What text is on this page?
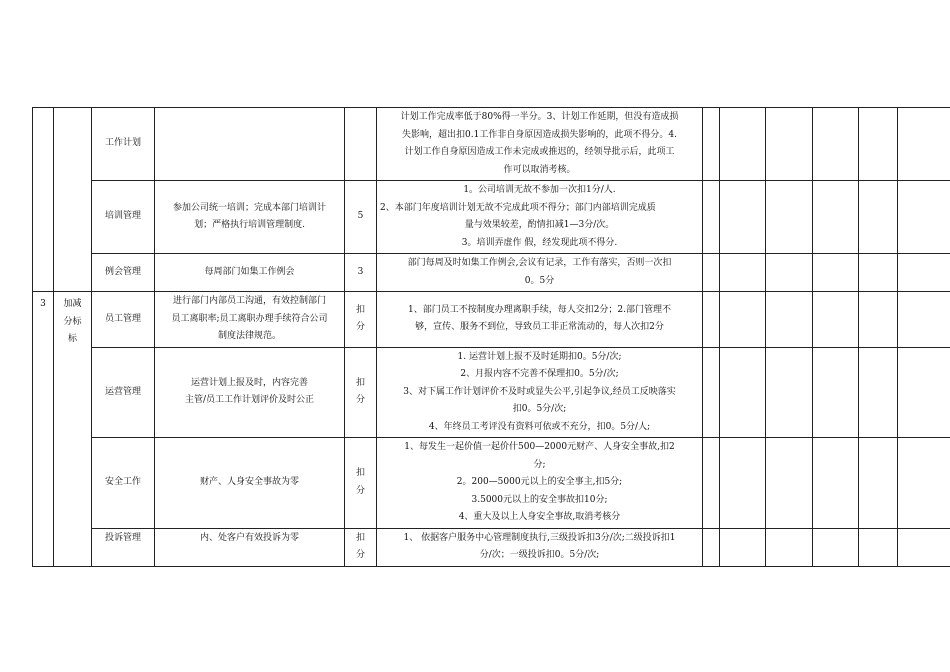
		工作计划			计划工作完成率低于80%得一半分。3、计划工作延期，但没有造成损
失影响，超出扣0.1工作非自身原因造成损失影响的，此项不得分。4.
计划工作自身原因造成工作未完成或推迟的，经领导批示后，此项工
作可以取消考核。						

		培训管理	参加公司统一培训；完成本部门培训计
划；严格执行培训管理制度.	5	1。公司培训无故不参加一次扣1分/人.
2、本部门年度培训计划无故不完成此项不得分；部门内部培训完成质
量与效果较差，酌情扣减1—3分/次。
3。培训弄虚作 假，经发现此项不得分.						

		例会管理	每周部门如集工作例会	3	部门每周及时如集工作例会,会议有记录，工作有落实，否则一次扣
0。5分						

3	加减
分标
标	员工管理	进行部门内部员工沟通，有效控制部门
员工离职率;员工离职办理手续符合公司
制度法律规范。	扣
分	1、部门员工不按制度办理离职手续，每人交扣2分；2.部门管理不
够，宣传、服务不到位，导致员工非正常流动的，每人次扣2分						

		运营管理	运营计划上报及时，内容完善
主管/员工工作计划评价及时公正	扣
分	1. 运营计划上报不及时延期扣0。5分/次;
2、月报内容不完善不保理扣0。5分/次;
3、对下属工作计划评价不及时或显失公平,引起争议,经员工反映落实
扣0。5分/次;
4、年终员工考评没有资料可依或不充分，扣0。5分/人;						

		安全工作	财产、人身安全事故为零	扣
分	1、每发生一起价值一起价什500—2000元财产、人身安全事故,扣2
分;
2。200—5000元以上的安全事主,扣5分;
3.5000元以上的安全事故扣10分;
4、重大及以上人身安全事故,取消考核分						

		投诉管理	内、处客户有效投诉为零	扣
分	1、 依据客户服务中心管理制度执行,三级投诉扣3分/次;二级投诉扣1
分/次；一级投诉扣0。5分/次;						
